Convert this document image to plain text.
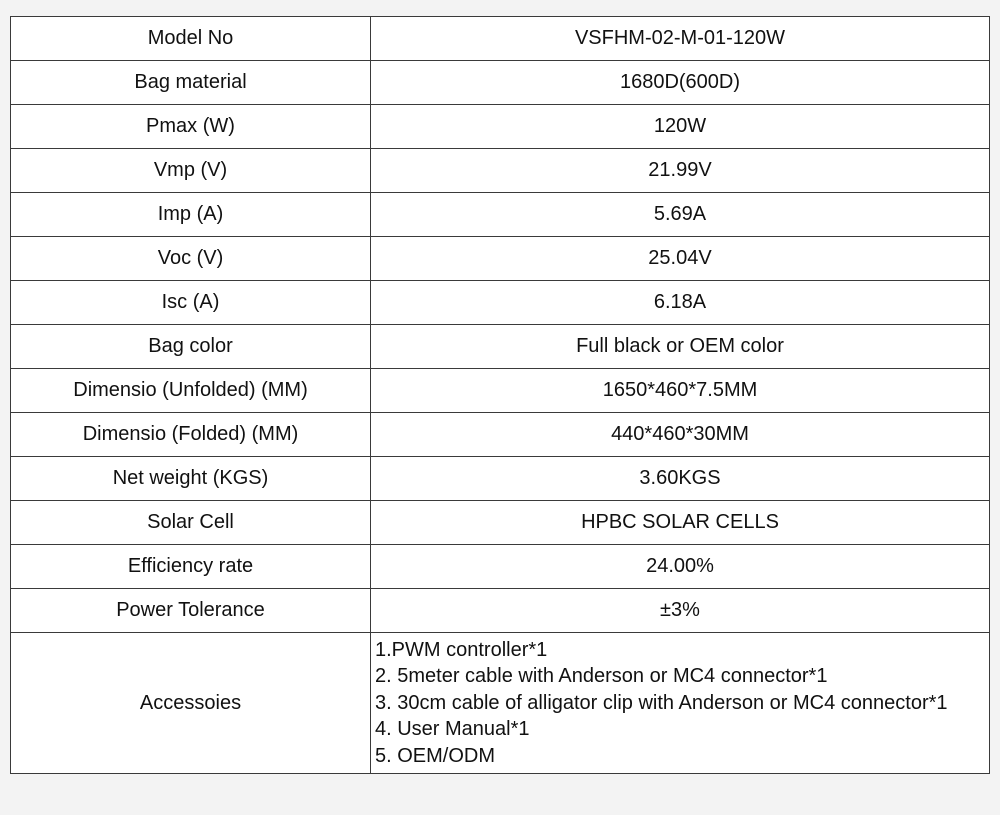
Model No	VSFHM-02-M-01-120W
Bag material	1680D(600D)
Pmax (W)	120W
Vmp (V)	21.99V
Imp (A)	5.69A
Voc (V)	25.04V
Isc (A)	6.18A
Bag color	Full black or OEM color
Dimensio (Unfolded) (MM)	1650*460*7.5MM
Dimensio (Folded) (MM)	440*460*30MM
Net weight (KGS)	3.60KGS
Solar Cell	HPBC SOLAR CELLS
Efficiency rate	24.00%
Power Tolerance	±3%
Accessoies	1.PWM controller*1
2. 5meter cable with Anderson or MC4 connector*1
3. 30cm cable of alligator clip with Anderson or MC4 connector*1
4. User Manual*1
5. OEM/ODM
